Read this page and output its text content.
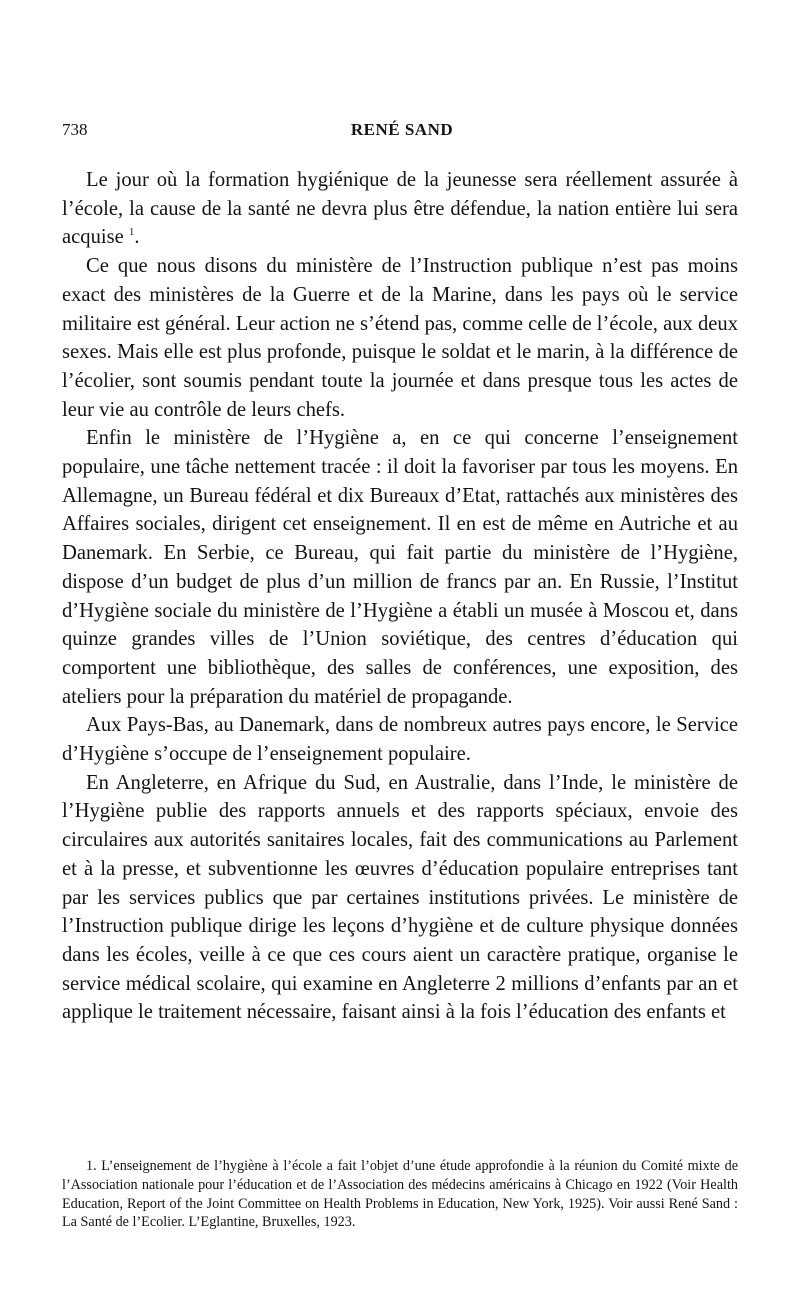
738	RENÉ SAND

Le jour où la formation hygiénique de la jeunesse sera réellement assurée à l’école, la cause de la santé ne devra plus être défendue, la nation entière lui sera acquise $^1$.

Ce que nous disons du ministère de l’Instruction publique n’est pas moins exact des ministères de la Guerre et de la Marine, dans les pays où le service militaire est général. Leur action ne s’étend pas, comme celle de l’école, aux deux sexes. Mais elle est plus profonde, puisque le soldat et le marin, à la différence de l’écolier, sont soumis pendant toute la journée et dans presque tous les actes de leur vie au contrôle de leurs chefs.

Enfin le ministère de l’Hygiène a, en ce qui concerne l’enseignement populaire, une tâche nettement tracée : il doit la favoriser par tous les moyens. En Allemagne, un Bureau fédéral et dix Bureaux d’Etat, rattachés aux ministères des Affaires sociales, dirigent cet enseignement. Il en est de même en Autriche et au Danemark. En Serbie, ce Bureau, qui fait partie du ministère de l’Hygiène, dispose d’un budget de plus d’un million de francs par an. En Russie, l’Institut d’Hygiène sociale du ministère de l’Hygiène a établi un musée à Moscou et, dans quinze grandes villes de l’Union soviétique, des centres d’éducation qui comportent une bibliothèque, des salles de conférences, une exposition, des ateliers pour la préparation du matériel de propagande.

Aux Pays-Bas, au Danemark, dans de nombreux autres pays encore, le Service d’Hygiène s’occupe de l’enseignement populaire.

En Angleterre, en Afrique du Sud, en Australie, dans l’Inde, le ministère de l’Hygiène publie des rapports annuels et des rapports spéciaux, envoie des circulaires aux autorités sanitaires locales, fait des communications au Parlement et à la presse, et subventionne les œuvres d’éducation populaire entreprises tant par les services publics que par certaines institutions privées. Le ministère de l’Instruction publique dirige les leçons d’hygiène et de culture physique données dans les écoles, veille à ce que ces cours aient un caractère pratique, organise le service médical scolaire, qui examine en Angleterre 2 millions d’enfants par an et applique le traitement nécessaire, faisant ainsi à la fois l’éducation des enfants et

1. L’enseignement de l’hygiène à l’école a fait l’objet d’une étude approfondie à la réunion du Comité mixte de l’Association nationale pour l’éducation et de l’Association des médecins américains à Chicago en 1922 (Voir Health Education, Report of the Joint Committee on Health Problems in Education, New York, 1925). Voir aussi René Sand : La Santé de l’Ecolier. L’Eglantine, Bruxelles, 1923.
